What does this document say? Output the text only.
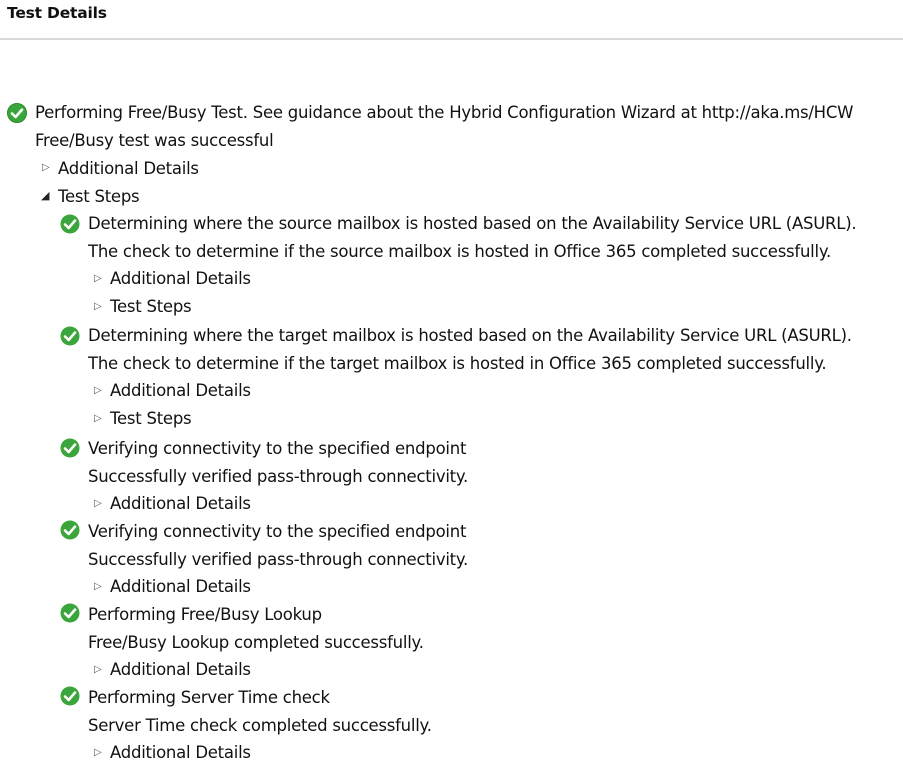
Test Details
Performing Free/Busy Test. See guidance about the Hybrid Configuration Wizard at http://aka.ms/HCW
Free/Busy test was successful
▷ Additional Details
◢ Test Steps
Determining where the source mailbox is hosted based on the Availability Service URL (ASURL).
The check to determine if the source mailbox is hosted in Office 365 completed successfully.
▷ Additional Details
▷ Test Steps
Determining where the target mailbox is hosted based on the Availability Service URL (ASURL).
The check to determine if the target mailbox is hosted in Office 365 completed successfully.
▷ Additional Details
▷ Test Steps
Verifying connectivity to the specified endpoint
Successfully verified pass-through connectivity.
▷ Additional Details
Verifying connectivity to the specified endpoint
Successfully verified pass-through connectivity.
▷ Additional Details
Performing Free/Busy Lookup
Free/Busy Lookup completed successfully.
▷ Additional Details
Performing Server Time check
Server Time check completed successfully.
▷ Additional Details
